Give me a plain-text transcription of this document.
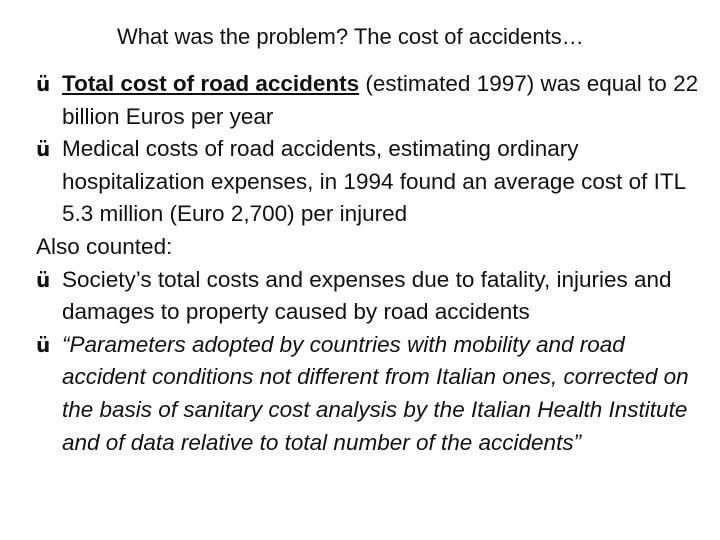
What was the problem? The cost of accidents…

ü Total cost of road accidents (estimated 1997) was equal to 22 billion Euros per year

ü Medical costs of road accidents, estimating ordinary hospitalization expenses, in 1994 found an average cost of ITL 5.3 million (Euro 2,700) per injured

Also counted:

ü Society’s total costs and expenses due to fatality, injuries and damages to property caused by road accidents

ü “Parameters adopted by countries with mobility and road accident conditions not different from Italian ones, corrected on the basis of sanitary cost analysis by the Italian Health Institute and of data relative to total number of the accidents”
